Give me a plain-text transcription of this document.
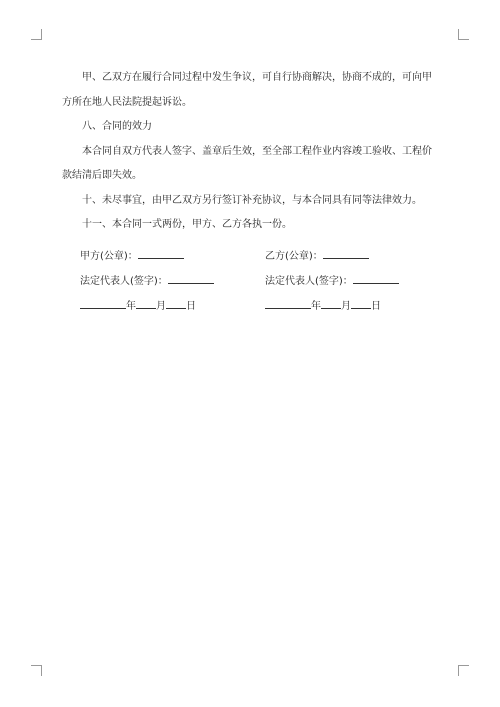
甲、乙双方在履行合同过程中发生争议，可自行协商解决，协商不成的，可向甲方所在地人民法院提起诉讼。

八、合同的效力

本合同自双方代表人签字、盖章后生效，至全部工程作业内容竣工验收、工程价款结清后即失效。

十、未尽事宜，由甲乙双方另行签订补充协议，与本合同具有同等法律效力。

十一、本合同一式两份，甲方、乙方各执一份。

甲方(公章)：	乙方(公章)：
法定代表人(签字)：	法定代表人(签字)：
年 月 日	年 月 日
